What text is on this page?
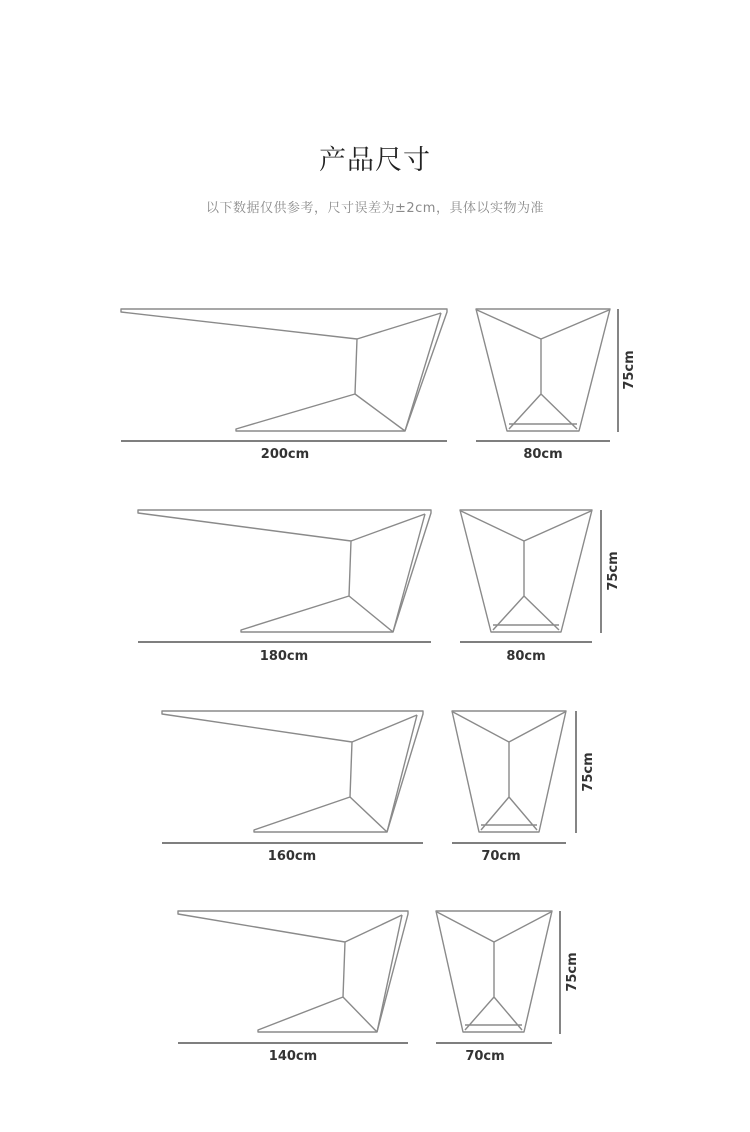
产品尺寸
以下数据仅供参考，尺寸误差为±2cm，具体以实物为准
200cm	80cm
75cm
180cm	80cm
75cm
160cm	70cm
75cm
140cm	70cm
75cm
